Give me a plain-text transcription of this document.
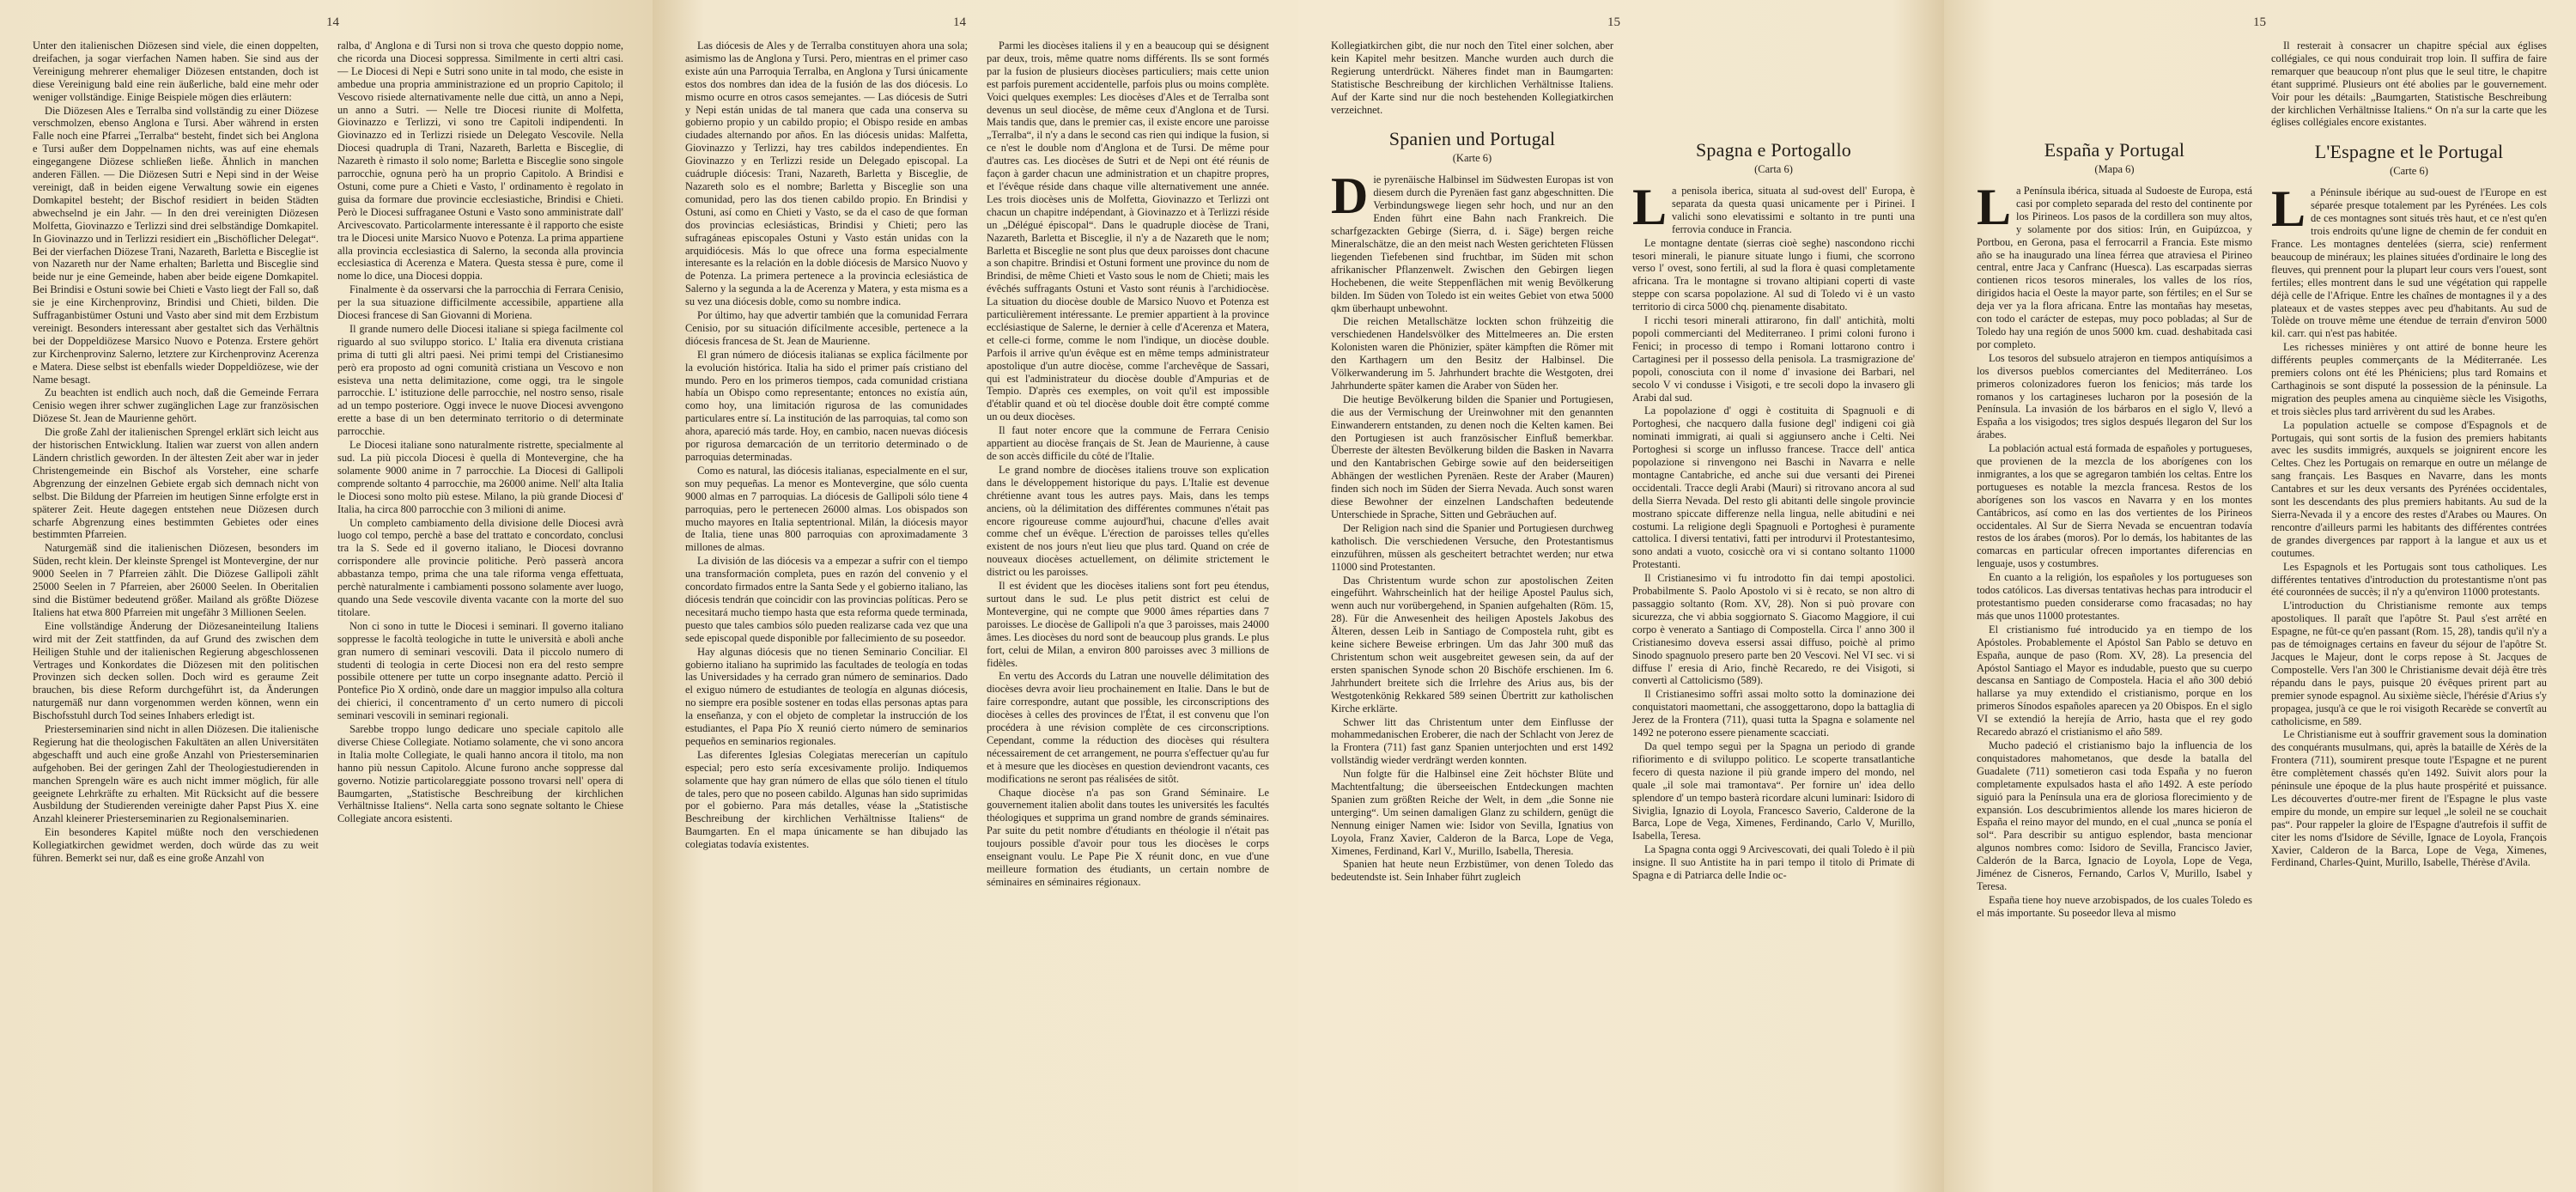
14

Unter den italienischen Diözesen sind viele, die einen doppelten, dreifachen, ja sogar vierfachen Namen haben. Sie sind aus der Vereinigung mehrerer ehemaliger Diözesen entstanden, doch ist diese Vereinigung bald eine rein äußerliche, bald eine mehr oder weniger vollständige. Einige Beispiele mögen dies erläutern:

Die Diözesen Ales e Terralba sind vollständig zu einer Diözese verschmolzen, ebenso Anglona e Tursi. Aber während in ersten Falle noch eine Pfarrei „Terralba“ besteht, findet sich bei Anglona e Tursi außer dem Doppelnamen nichts, was auf eine ehemals eingegangene Diözese schließen ließe. Ähnlich in manchen anderen Fällen. — Die Diözesen Sutri e Nepi sind in der Weise vereinigt, daß in beiden eigene Verwaltung sowie ein eigenes Domkapitel besteht; der Bischof residiert in beiden Städten abwechselnd je ein Jahr. — In den drei vereinigten Diözesen Molfetta, Giovinazzo e Terlizzi sind drei selbständige Domkapitel. In Giovinazzo und in Terlizzi residiert ein „Bischöflicher Delegat“. Bei der vierfachen Diözese Trani, Nazareth, Barletta e Bisceglie ist von Nazareth nur der Name erhalten; Barletta und Bisceglie sind beide nur je eine Gemeinde, haben aber beide eigene Domkapitel. Bei Brindisi e Ostuni sowie bei Chieti e Vasto liegt der Fall so, daß sie je eine Kirchenprovinz, Brindisi und Chieti, bilden. Die Suffraganbistümer Ostuni und Vasto aber sind mit dem Erzbistum vereinigt. Besonders interessant aber gestaltet sich das Verhältnis bei der Doppeldiözese Marsico Nuovo e Potenza. Erstere gehört zur Kirchenprovinz Salerno, letztere zur Kirchenprovinz Acerenza e Matera. Diese selbst ist ebenfalls wieder Doppeldiözese, wie der Name besagt.

Zu beachten ist endlich auch noch, daß die Gemeinde Ferrara Cenisio wegen ihrer schwer zugänglichen Lage zur französischen Diözese St. Jean de Maurienne gehört.

Die große Zahl der italienischen Sprengel erklärt sich leicht aus der historischen Entwicklung. Italien war zuerst von allen andern Ländern christlich geworden. In der ältesten Zeit aber war in jeder Christengemeinde ein Bischof als Vorsteher, eine scharfe Abgrenzung der einzelnen Gebiete ergab sich demnach nicht von selbst. Die Bildung der Pfarreien im heutigen Sinne erfolgte erst in späterer Zeit. Heute dagegen entstehen neue Diözesen durch scharfe Abgrenzung eines bestimmten Gebietes oder eines bestimmten Pfarreien.

Naturgemäß sind die italienischen Diözesen, besonders im Süden, recht klein. Der kleinste Sprengel ist Montevergine, der nur 9000 Seelen in 7 Pfarreien zählt. Die Diözese Gallipoli zählt 25000 Seelen in 7 Pfarreien, aber 26000 Seelen. In Oberitalien sind die Bistümer bedeutend größer. Mailand als größte Diözese Italiens hat etwa 800 Pfarreien mit ungefähr 3 Millionen Seelen.

Eine vollständige Änderung der Diözesaneinteilung Italiens wird mit der Zeit stattfinden, da auf Grund des zwischen dem Heiligen Stuhle und der italienischen Regierung abgeschlossenen Vertrages und Konkordates die Diözesen mit den politischen Provinzen sich decken sollen. Doch wird es geraume Zeit brauchen, bis diese Reform durchgeführt ist, da Änderungen naturgemäß nur dann vorgenommen werden können, wenn ein Bischofsstuhl durch Tod seines Inhabers erledigt ist.

Priesterseminarien sind nicht in allen Diözesen. Die italienische Regierung hat die theologischen Fakultäten an allen Universitäten abgeschafft und auch eine große Anzahl von Priesterseminarien aufgehoben. Bei der geringen Zahl der Theologiestudierenden in manchen Sprengeln wäre es auch nicht immer möglich, für alle geeignete Lehrkräfte zu erhalten. Mit Rücksicht auf die bessere Ausbildung der Studierenden vereinigte daher Papst Pius X. eine Anzahl kleinerer Priesterseminarien zu Regionalseminarien.

Ein besonderes Kapitel müßte noch den verschiedenen Kollegiatkirchen gewidmet werden, doch würde das zu weit führen. Bemerkt sei nur, daß es eine große Anzahl von

ralba, d' Anglona e di Tursi non si trova che questo doppio nome, che ricorda una Diocesi soppressa. Similmente in certi altri casi. — Le Diocesi di Nepi e Sutri sono unite in tal modo, che esiste in ambedue una propria amministrazione ed un proprio Capitolo; il Vescovo risiede alternativamente nelle due città, un anno a Nepi, un anno a Sutri. — Nelle tre Diocesi riunite di Molfetta, Giovinazzo e Terlizzi, vi sono tre Capitoli indipendenti. In Giovinazzo ed in Terlizzi risiede un Delegato Vescovile. Nella Diocesi quadrupla di Trani, Nazareth, Barletta e Bisceglie, di Nazareth è rimasto il solo nome; Barletta e Bisceglie sono singole parrocchie, ognuna però ha un proprio Capitolo. A Brindisi e Ostuni, come pure a Chieti e Vasto, l' ordinamento è regolato in guisa da formare due provincie ecclesiastiche, Brindisi e Chieti. Però le Diocesi suffraganee Ostuni e Vasto sono amministrate dall' Arcivescovato. Particolarmente interessante è il rapporto che esiste tra le Diocesi unite Marsico Nuovo e Potenza. La prima appartiene alla provincia ecclesiastica di Salerno, la seconda alla provincia ecclesiastica di Acerenza e Matera. Questa stessa è pure, come il nome lo dice, una Diocesi doppia.

Finalmente è da osservarsi che la parrocchia di Ferrara Cenisio, per la sua situazione difficilmente accessibile, appartiene alla Diocesi francese di San Giovanni di Moriena.

Il grande numero delle Diocesi italiane si spiega facilmente col riguardo al suo sviluppo storico. L' Italia era divenuta cristiana prima di tutti gli altri paesi. Nei primi tempi del Cristianesimo però era proposto ad ogni comunità cristiana un Vescovo e non esisteva una netta delimitazione, come oggi, tra le singole parrocchie. L' istituzione delle parrocchie, nel nostro senso, risale ad un tempo posteriore. Oggi invece le nuove Diocesi avvengono erette a base di un ben determinato territorio o di determinate parrocchie.

Le Diocesi italiane sono naturalmente ristrette, specialmente al sud. La più piccola Diocesi è quella di Montevergine, che ha solamente 9000 anime in 7 parrocchie. La Diocesi di Gallipoli comprende soltanto 4 parrocchie, ma 26000 anime. Nell' alta Italia le Diocesi sono molto più estese. Milano, la più grande Diocesi d' Italia, ha circa 800 parrocchie con 3 milioni di anime.

Un completo cambiamento della divisione delle Diocesi avrà luogo col tempo, perchè a base del trattato e concordato, conclusi tra la S. Sede ed il governo italiano, le Diocesi dovranno corrispondere alle provincie politiche. Però passerà ancora abbastanza tempo, prima che una tale riforma venga effettuata, perchè naturalmente i cambiamenti possono solamente aver luogo, quando una Sede vescovile diventa vacante con la morte del suo titolare.

Non ci sono in tutte le Diocesi i seminari. Il governo italiano soppresse le facoltà teologiche in tutte le università e abolì anche gran numero di seminari vescovili. Data il piccolo numero di studenti di teologia in certe Diocesi non era del resto sempre possibile ottenere per tutte un corpo insegnante adatto. Perciò il Pontefice Pio X ordinò, onde dare un maggior impulso alla coltura dei chierici, il concentramento d' un certo numero di piccoli seminari vescovili in seminari regionali.

Sarebbe troppo lungo dedicare uno speciale capitolo alle diverse Chiese Collegiate. Notiamo solamente, che vi sono ancora in Italia molte Collegiate, le quali hanno ancora il titolo, ma non hanno più nessun Capitolo. Alcune furono anche soppresse dal governo. Notizie particolareggiate possono trovarsi nell' opera di Baumgarten, „Statistische Beschreibung der kirchlichen Verhältnisse Italiens“. Nella carta sono segnate soltanto le Chiese Collegiate ancora esistenti.

14

Las diócesis de Ales y de Terralba constituyen ahora una sola; asimismo las de Anglona y Tursi. Pero, mientras en el primer caso existe aún una Parroquia Terralba, en Anglona y Tursi únicamente estos dos nombres dan idea de la fusión de las dos diócesis. Lo mismo ocurre en otros casos semejantes. — Las diócesis de Sutri y Nepi están unidas de tal manera que cada una conserva su gobierno propio y un cabildo propio; el Obispo reside en ambas ciudades alternando por años. En las diócesis unidas: Malfetta, Giovinazzo y Terlizzi, hay tres cabildos independientes. En Giovinazzo y en Terlizzi reside un Delegado episcopal. La cuádruple diócesis: Trani, Nazareth, Barletta y Bisceglie, de Nazareth solo es el nombre; Barletta y Bisceglie son una comunidad, pero las dos tienen cabildo propio. En Brindisi y Ostuni, así como en Chieti y Vasto, se da el caso de que forman dos provincias eclesiásticas, Brindisi y Chieti; pero las sufragáneas episcopales Ostuni y Vasto están unidas con la arquidiócesis. Más lo que ofrece una forma especialmente interesante es la relación en la doble diócesis de Marsico Nuovo y de Potenza. La primera pertenece a la provincia eclesiástica de Salerno y la segunda a la de Acerenza y Matera, y esta misma es a su vez una diócesis doble, como su nombre indica.

Por último, hay que advertir también que la comunidad Ferrara Cenisio, por su situación difícilmente accesible, pertenece a la diócesis francesa de St. Jean de Maurienne.

El gran número de diócesis italianas se explica fácilmente por la evolución histórica. Italia ha sido el primer país cristiano del mundo. Pero en los primeros tiempos, cada comunidad cristiana había un Obispo como representante; entonces no existía aún, como hoy, una limitación rigurosa de las comunidades particulares entre sí. La institución de las parroquias, tal como son ahora, apareció más tarde. Hoy, en cambio, nacen nuevas diócesis por rigurosa demarcación de un territorio determinado o de parroquias determinadas.

Como es natural, las diócesis italianas, especialmente en el sur, son muy pequeñas. La menor es Montevergine, que sólo cuenta 9000 almas en 7 parroquias. La diócesis de Gallipoli sólo tiene 4 parroquias, pero le pertenecen 26000 almas. Los obispados son mucho mayores en Italia septentrional. Milán, la diócesis mayor de Italia, tiene unas 800 parroquias con aproximadamente 3 millones de almas.

La división de las diócesis va a empezar a sufrir con el tiempo una transformación completa, pues en razón del convenio y el concordato firmados entre la Santa Sede y el gobierno italiano, las diócesis tendrán que coincidir con las provincias políticas. Pero se necesitará mucho tiempo hasta que esta reforma quede terminada, puesto que tales cambios sólo pueden realizarse cada vez que una sede episcopal quede disponible por fallecimiento de su poseedor.

Hay algunas diócesis que no tienen Seminario Conciliar. El gobierno italiano ha suprimido las facultades de teología en todas las Universidades y ha cerrado gran número de seminarios. Dado el exiguo número de estudiantes de teología en algunas diócesis, no siempre era posible sostener en todas ellas personas aptas para la enseñanza, y con el objeto de completar la instrucción de los estudiantes, el Papa Pío X reunió cierto número de seminarios pequeños en seminarios regionales.

Las diferentes Iglesias Colegiatas merecerían un capítulo especial; pero esto sería excesivamente prolijo. Indiquemos solamente que hay gran número de ellas que sólo tienen el título de tales, pero que no poseen cabildo. Algunas han sido suprimidas por el gobierno. Para más detalles, véase la „Statistische Beschreibung der kirchlichen Verhältnisse Italiens“ de Baumgarten. En el mapa únicamente se han dibujado las colegiatas todavía existentes.

Parmi les diocèses italiens il y en a beaucoup qui se désignent par deux, trois, même quatre noms différents. Ils se sont formés par la fusion de plusieurs diocèses particuliers; mais cette union est parfois purement accidentelle, parfois plus ou moins complète. Voici quelques exemples: Les diocèses d'Ales et de Terralba sont devenus un seul diocèse, de même ceux d'Anglona et de Tursi. Mais tandis que, dans le premier cas, il existe encore une paroisse „Terralba“, il n'y a dans le second cas rien qui indique la fusion, si ce n'est le double nom d'Anglona et de Tursi. De même pour d'autres cas. Les diocèses de Sutri et de Nepi ont été réunis de façon à garder chacun une administration et un chapitre propres, et l'évêque réside dans chaque ville alternativement une année. Les trois diocèses unis de Molfetta, Giovinazzo et Terlizzi ont chacun un chapitre indépendant, à Giovinazzo et à Terlizzi réside un „Délégué épiscopal“. Dans le quadruple diocèse de Trani, Nazareth, Barletta et Bisceglie, il n'y a de Nazareth que le nom; Barletta et Bisceglie ne sont plus que deux paroisses dont chacune a son chapitre. Brindisi et Ostuni forment une province du nom de Brindisi, de même Chieti et Vasto sous le nom de Chieti; mais les évêchés suffragants Ostuni et Vasto sont réunis à l'archidiocèse. La situation du diocèse double de Marsico Nuovo et Potenza est particulièrement intéressante. Le premier appartient à la province ecclésiastique de Salerne, le dernier à celle d'Acerenza et Matera, et celle-ci forme, comme le nom l'indique, un diocèse double. Parfois il arrive qu'un évêque est en même temps administrateur apostolique d'un autre diocèse, comme l'archevêque de Sassari, qui est l'administrateur du diocèse double d'Ampurias et de Tempio. D'après ces exemples, on voit qu'il est impossible d'établir quand et où tel diocèse double doit être compté comme un ou deux diocèses.

Il faut noter encore que la commune de Ferrara Cenisio appartient au diocèse français de St. Jean de Maurienne, à cause de son accès difficile du côté de l'Italie.

Le grand nombre de diocèses italiens trouve son explication dans le développement historique du pays. L'Italie est devenue chrétienne avant tous les autres pays. Mais, dans les temps anciens, où la délimitation des différentes communes n'était pas encore rigoureuse comme aujourd'hui, chacune d'elles avait comme chef un évêque. L'érection de paroisses telles qu'elles existent de nos jours n'eut lieu que plus tard. Quand on crée de nouveaux diocèses actuellement, on délimite strictement le district ou les paroisses.

Il est évident que les diocèses italiens sont fort peu étendus, surtout dans le sud. Le plus petit district est celui de Montevergine, qui ne compte que 9000 âmes réparties dans 7 paroisses. Le diocèse de Gallipoli n'a que 3 paroisses, mais 24000 âmes. Les diocèses du nord sont de beaucoup plus grands. Le plus fort, celui de Milan, a environ 800 paroisses avec 3 millions de fidèles.

En vertu des Accords du Latran une nouvelle délimitation des diocèses devra avoir lieu prochainement en Italie. Dans le but de faire correspondre, autant que possible, les circonscriptions des diocèses à celles des provinces de l'État, il est convenu que l'on procédera à une révision complète de ces circonscriptions. Cependant, comme la réduction des diocèses qui résultera nécessairement de cet arrangement, ne pourra s'effectuer qu'au fur et à mesure que les diocèses en question deviendront vacants, ces modifications ne seront pas réalisées de sitôt.

Chaque diocèse n'a pas son Grand Séminaire. Le gouvernement italien abolit dans toutes les universités les facultés théologiques et supprima un grand nombre de grands séminaires. Par suite du petit nombre d'étudiants en théologie il n'était pas toujours possible d'avoir pour tous les diocèses le corps enseignant voulu. Le Pape Pie X réunit donc, en vue d'une meilleure formation des étudiants, un certain nombre de séminaires en séminaires régionaux.

15

Kollegiatkirchen gibt, die nur noch den Titel einer solchen, aber kein Kapitel mehr besitzen. Manche wurden auch durch die Regierung unterdrückt. Näheres findet man in Baumgarten: Statistische Beschreibung der kirchlichen Verhältnisse Italiens. Auf der Karte sind nur die noch bestehenden Kollegiatkirchen verzeichnet.

Spanien und Portugal
(Karte 6)

Die pyrenäische Halbinsel im Südwesten Europas ist von diesem durch die Pyrenäen fast ganz abgeschnitten. Die Verbindungswege liegen sehr hoch, und nur an den Enden führt eine Bahn nach Frankreich. Die scharfgezackten Gebirge (Sierra, d. i. Säge) bergen reiche Mineralschätze, die an den meist nach Westen gerichteten Flüssen liegenden Tiefebenen sind fruchtbar, im Süden mit schon afrikanischer Pflanzenwelt. Zwischen den Gebirgen liegen Hochebenen, die weite Steppenflächen mit wenig Bevölkerung bilden. Im Süden von Toledo ist ein weites Gebiet von etwa 5000 qkm überhaupt unbewohnt.

Die reichen Metallschätze lockten schon frühzeitig die verschiedenen Handelsvölker des Mittelmeeres an. Die ersten Kolonisten waren die Phönizier, später kämpften die Römer mit den Karthagern um den Besitz der Halbinsel. Die Völkerwanderung im 5. Jahrhundert brachte die Westgoten, drei Jahrhunderte später kamen die Araber von Süden her.

Die heutige Bevölkerung bilden die Spanier und Portugiesen, die aus der Vermischung der Ureinwohner mit den genannten Einwanderern entstanden, zu denen noch die Kelten kamen. Bei den Portugiesen ist auch französischer Einfluß bemerkbar. Überreste der ältesten Bevölkerung bilden die Basken in Navarra und den Kantabrischen Gebirge sowie auf den beiderseitigen Abhängen der westlichen Pyrenäen. Reste der Araber (Mauren) finden sich noch im Süden der Sierra Nevada. Auch sonst waren diese Bewohner der einzelnen Landschaften bedeutende Unterschiede in Sprache, Sitten und Gebräuchen auf.

Der Religion nach sind die Spanier und Portugiesen durchweg katholisch. Die verschiedenen Versuche, den Protestantismus einzuführen, müssen als gescheitert betrachtet werden; nur etwa 11000 sind Protestanten.

Das Christentum wurde schon zur apostolischen Zeiten eingeführt. Wahrscheinlich hat der heilige Apostel Paulus sich, wenn auch nur vorübergehend, in Spanien aufgehalten (Röm. 15, 28). Für die Anwesenheit des heiligen Apostels Jakobus des Älteren, dessen Leib in Santiago de Compostela ruht, gibt es keine sichere Beweise erbringen. Um das Jahr 300 muß das Christentum schon weit ausgebreitet gewesen sein, da auf der ersten spanischen Synode schon 20 Bischöfe erschienen. Im 6. Jahrhundert breitete sich die Irrlehre des Arius aus, bis der Westgotenkönig Rekkared 589 seinen Übertritt zur katholischen Kirche erklärte.

Schwer litt das Christentum unter dem Einflusse der mohammedanischen Eroberer, die nach der Schlacht von Jerez de la Frontera (711) fast ganz Spanien unterjochten und erst 1492 vollständig wieder verdrängt werden konnten.

Nun folgte für die Halbinsel eine Zeit höchster Blüte und Machtentfaltung; die überseeischen Entdeckungen machten Spanien zum größten Reiche der Welt, in dem „die Sonne nie unterging“. Um seinen damaligen Glanz zu schildern, genügt die Nennung einiger Namen wie: Isidor von Sevilla, Ignatius von Loyola, Franz Xavier, Calderon de la Barca, Lope de Vega, Ximenes, Ferdinand, Karl V., Murillo, Isabella, Theresia.

Spanien hat heute neun Erzbistümer, von denen Toledo das bedeutendste ist. Sein Inhaber führt zugleich

Spagna e Portogallo
(Carta 6)

La penisola iberica, situata al sud-ovest dell' Europa, è separata da questa quasi unicamente per i Pirinei. I valichi sono elevatissimi e soltanto in tre punti una ferrovia conduce in Francia.

Le montagne dentate (sierras cioè seghe) nascondono ricchi tesori minerali, le pianure situate lungo i fiumi, che scorrono verso l' ovest, sono fertili, al sud la flora è quasi completamente africana. Tra le montagne si trovano altipiani coperti di vaste steppe con scarsa popolazione. Al sud di Toledo vi è un vasto territorio di circa 5000 chq. pienamente disabitato.

I ricchi tesori minerali attirarono, fin dall' antichità, molti popoli commercianti del Mediterraneo. I primi coloni furono i Fenici; in processo di tempo i Romani lottarono contro i Cartaginesi per il possesso della penisola. La trasmigrazione de' popoli, conosciuta con il nome d' invasione dei Barbari, nel secolo V vi condusse i Visigoti, e tre secoli dopo la invasero gli Arabi dal sud.

La popolazione d' oggi è costituita di Spagnuoli e di Portoghesi, che nacquero dalla fusione degl' indigeni coi già nominati immigrati, ai quali si aggiunsero anche i Celti. Nei Portoghesi si scorge un influsso francese. Tracce dell' antica popolazione si rinvengono nei Baschi in Navarra e nelle montagne Cantabriche, ed anche sui due versanti dei Pirenei occidentali. Tracce degli Arabi (Mauri) si ritrovano ancora al sud della Sierra Nevada. Del resto gli abitanti delle singole provincie mostrano spiccate differenze nella lingua, nelle abitudini e nei costumi. La religione degli Spagnuoli e Portoghesi è puramente cattolica. I diversi tentativi, fatti per introdurvi il Protestantesimo, sono andati a vuoto, cosicchè ora vi si contano soltanto 11000 Protestanti.

Il Cristianesimo vi fu introdotto fin dai tempi apostolici. Probabilmente S. Paolo Apostolo vi si è recato, se non altro di passaggio soltanto (Rom. XV, 28). Non si può provare con sicurezza, che vi abbia soggiornato S. Giacomo Maggiore, il cui corpo è venerato a Santiago di Compostella. Circa l' anno 300 il Cristianesimo doveva essersi assai diffuso, poichè al primo Sinodo spagnuolo presero parte ben 20 Vescovi. Nel VI sec. vi si diffuse l' eresia di Ario, finchè Recaredo, re dei Visigoti, si convertì al Cattolicismo (589).

Il Cristianesimo soffrì assai molto sotto la dominazione dei conquistatori maomettani, che assoggettarono, dopo la battaglia di Jerez de la Frontera (711), quasi tutta la Spagna e solamente nel 1492 ne poterono essere pienamente scacciati.

Da quel tempo seguì per la Spagna un periodo di grande rifiorimento e di sviluppo politico. Le scoperte transatlantiche fecero di questa nazione il più grande impero del mondo, nel quale „il sole mai tramontava“. Per fornire un' idea dello splendore d' un tempo basterà ricordare alcuni luminari: Isidoro di Siviglia, Ignazio di Loyola, Francesco Saverio, Calderone de la Barca, Lope de Vega, Ximenes, Ferdinando, Carlo V, Murillo, Isabella, Teresa.

La Spagna conta oggi 9 Arcivescovati, dei quali Toledo è il più insigne. Il suo Antistite ha in pari tempo il titolo di Primate di Spagna e di Patriarca delle Indie oc-

15
España y Portugal
(Mapa 6)

La Península ibérica, situada al Sudoeste de Europa, está casi por completo separada del resto del continente por los Pirineos. Los pasos de la cordillera son muy altos, y solamente por dos sitios: Irún, en Guipúzcoa, y Portbou, en Gerona, pasa el ferrocarril a Francia. Este mismo año se ha inaugurado una línea férrea que atraviesa el Pirineo central, entre Jaca y Canfranc (Huesca). Las escarpadas sierras contienen ricos tesoros minerales, los valles de los ríos, dirigidos hacia el Oeste la mayor parte, son fértiles; en el Sur se deja ver ya la flora africana. Entre las montañas hay mesetas, con todo el carácter de estepas, muy poco pobladas; al Sur de Toledo hay una región de unos 5000 km. cuad. deshabitada casi por completo.

Los tesoros del subsuelo atrajeron en tiempos antiquísimos a los diversos pueblos comerciantes del Mediterráneo. Los primeros colonizadores fueron los fenicios; más tarde los romanos y los cartagineses lucharon por la posesión de la Península. La invasión de los bárbaros en el siglo V, llevó a España a los visigodos; tres siglos después llegaron del Sur los árabes.

La población actual está formada de españoles y portugueses, que provienen de la mezcla de los aborígenes con los inmigrantes, a los que se agregaron también los celtas. Entre los portugueses es notable la mezcla francesa. Restos de los aborígenes son los vascos en Navarra y en los montes Cantábricos, así como en las dos vertientes de los Pirineos occidentales. Al Sur de Sierra Nevada se encuentran todavía restos de los árabes (moros). Por lo demás, los habitantes de las comarcas en particular ofrecen importantes diferencias en lenguaje, usos y costumbres.

En cuanto a la religión, los españoles y los portugueses son todos católicos. Las diversas tentativas hechas para introducir el protestantismo pueden considerarse como fracasadas; no hay más que unos 11000 protestantes.

El cristianismo fué introducido ya en tiempo de los Apóstoles. Probablemente el Apóstol San Pablo se detuvo en España, aunque de paso (Rom. XV, 28). La presencia del Apóstol Santiago el Mayor es indudable, puesto que su cuerpo descansa en Santiago de Compostela. Hacia el año 300 debió hallarse ya muy extendido el cristianismo, porque en los primeros Sínodos españoles aparecen ya 20 Obispos. En el siglo VI se extendió la herejía de Arrio, hasta que el rey godo Recaredo abrazó el cristianismo el año 589.

Mucho padeció el cristianismo bajo la influencia de los conquistadores mahometanos, que desde la batalla del Guadalete (711) sometieron casi toda España y no fueron completamente expulsados hasta el año 1492. A este período siguió para la Península una era de gloriosa florecimiento y de expansión. Los descubrimientos allende los mares hicieron de España el reino mayor del mundo, en el cual „nunca se ponía el sol“. Para describir su antiguo esplendor, basta mencionar algunos nombres como: Isidoro de Sevilla, Francisco Javier, Calderón de la Barca, Ignacio de Loyola, Lope de Vega, Jiménez de Cisneros, Fernando, Carlos V, Murillo, Isabel y Teresa.

España tiene hoy nueve arzobispados, de los cuales Toledo es el más importante. Su poseedor lleva al mismo

Il resterait à consacrer un chapitre spécial aux églises collégiales, ce qui nous conduirait trop loin. Il suffira de faire remarquer que beaucoup n'ont plus que le seul titre, le chapitre étant supprimé. Plusieurs ont été abolies par le gouvernement. Voir pour les détails: „Baumgarten, Statistische Beschreibung der kirchlichen Verhältnisse Italiens.“ On n'a sur la carte que les églises collégiales encore existantes.

L'Espagne et le Portugal
(Carte 6)

La Péninsule ibérique au sud-ouest de l'Europe en est séparée presque totalement par les Pyrénées. Les cols de ces montagnes sont situés très haut, et ce n'est qu'en trois endroits qu'une ligne de chemin de fer conduit en France. Les montagnes dentelées (sierra, scie) renferment beaucoup de minéraux; les plaines situées d'ordinaire le long des fleuves, qui prennent pour la plupart leur cours vers l'ouest, sont fertiles; elles montrent dans le sud une végétation qui rappelle déjà celle de l'Afrique. Entre les chaînes de montagnes il y a des plateaux et de vastes steppes avec peu d'habitants. Au sud de Tolède on trouve même une étendue de terrain d'environ 5000 kil. carr. qui n'est pas habitée.

Les richesses minières y ont attiré de bonne heure les différents peuples commerçants de la Méditerranée. Les premiers colons ont été les Phéniciens; plus tard Romains et Carthaginois se sont disputé la possession de la péninsule. La migration des peuples amena au cinquième siècle les Visigoths, et trois siècles plus tard arrivèrent du sud les Arabes.

La population actuelle se compose d'Espagnols et de Portugais, qui sont sortis de la fusion des premiers habitants avec les susdits immigrés, auxquels se joignirent encore les Celtes. Chez les Portugais on remarque en outre un mélange de sang français. Les Basques en Navarre, dans les monts Cantabres et sur les deux versants des Pyrénées occidentales, sont les descendants des plus premiers habitants. Au sud de la Sierra-Nevada il y a encore des restes d'Arabes ou Maures. On rencontre d'ailleurs parmi les habitants des différentes contrées de grandes divergences par rapport à la langue et aux us et coutumes.

Les Espagnols et les Portugais sont tous catholiques. Les différentes tentatives d'introduction du protestantisme n'ont pas été couronnées de succès; il n'y a qu'environ 11000 protestants.

L'introduction du Christianisme remonte aux temps apostoliques. Il paraît que l'apôtre St. Paul s'est arrêté en Espagne, ne fût-ce qu'en passant (Rom. 15, 28), tandis qu'il n'y a pas de témoignages certains en faveur du séjour de l'apôtre St. Jacques le Majeur, dont le corps repose à St. Jacques de Compostelle. Vers l'an 300 le Christianisme devait déjà être très répandu dans le pays, puisque 20 évêques prirent part au premier synode espagnol. Au sixième siècle, l'hérésie d'Arius s'y propagea, jusqu'à ce que le roi visigoth Recarède se convertît au catholicisme, en 589.

Le Christianisme eut à souffrir gravement sous la domination des conquérants musulmans, qui, après la bataille de Xérès de la Frontera (711), soumirent presque toute l'Espagne et ne purent être complètement chassés qu'en 1492. Suivit alors pour la péninsule une époque de la plus haute prospérité et puissance. Les découvertes d'outre-mer firent de l'Espagne le plus vaste empire du monde, un empire sur lequel „le soleil ne se couchait pas“. Pour rappeler la gloire de l'Espagne d'autrefois il suffit de citer les noms d'Isidore de Séville, Ignace de Loyola, François Xavier, Calderon de la Barca, Lope de Vega, Ximenes, Ferdinand, Charles-Quint, Murillo, Isabelle, Thérèse d'Avila.
